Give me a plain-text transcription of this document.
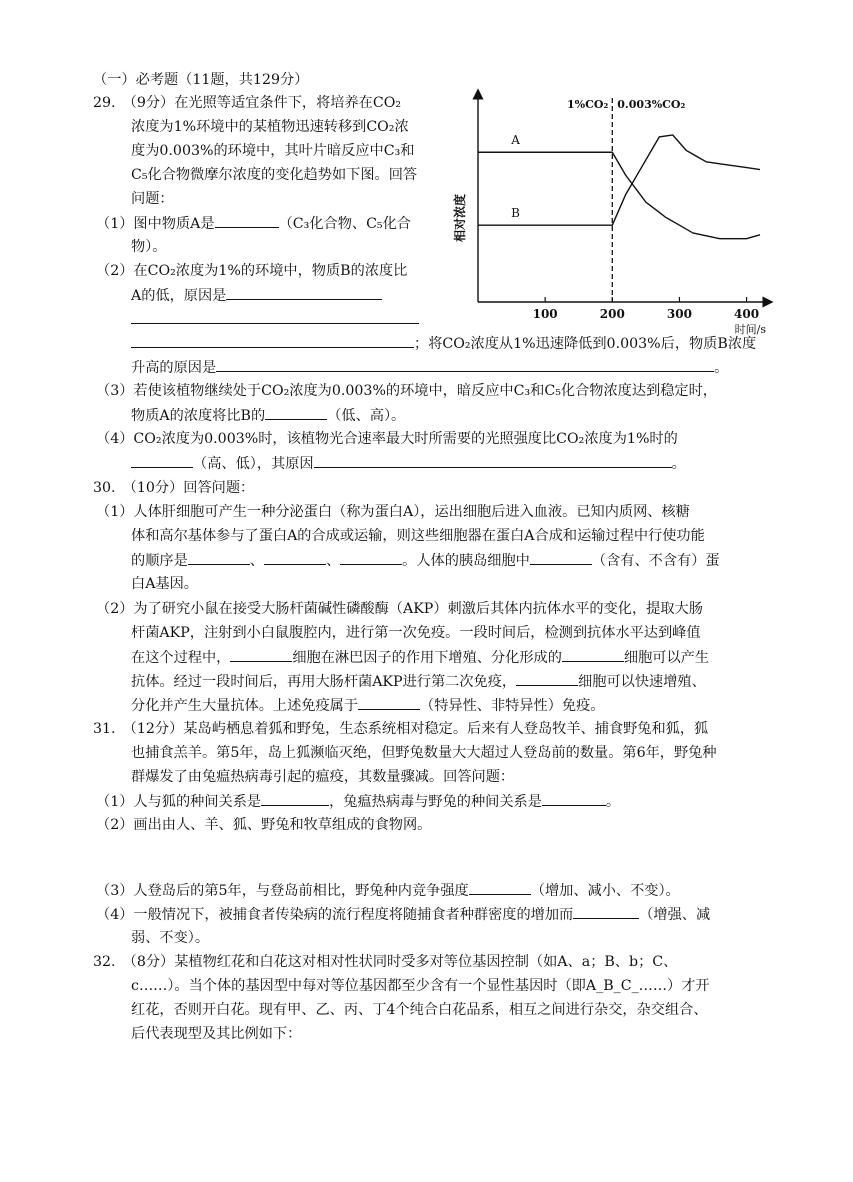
（一）必考题（11题，共129分）
29.　（9分）在光照等适宜条件下，将培养在CO₂
浓度为1%环境中的某植物迅速转移到CO₂浓
度为0.003%的环境中，其叶片暗反应中C₃和
C₅化合物微摩尔浓度的变化趋势如下图。回答
问题：
（1）图中物质A是	（C₃化合物、C₅化合
物）。
（2）在CO₂浓度为1%的环境中，物质B的浓度比
A的低，原因是
；将CO₂浓度从1%迅速降低到0.003%后，物质B浓度
升高的原因是	。
（3）若使该植物继续处于CO₂浓度为0.003%的环境中，暗反应中C₃和C₅化合物浓度达到稳定时，
物质A的浓度将比B的	（低、高）。
（4）CO₂浓度为0.003%时，该植物光合速率最大时所需要的光照强度比CO₂浓度为1%时的
（高、低），其原因	。
100	200	300	400
时间/s
相对浓度
1%CO₂ 0.003%CO₂
A
B
30.　（10分）回答问题：
（1）人体肝细胞可产生一种分泌蛋白（称为蛋白A），运出细胞后进入血液。已知内质网、核糖
体和高尔基体参与了蛋白A的合成或运输，则这些细胞器在蛋白A合成和运输过程中行使功能
的顺序是	、	、	。人体的胰岛细胞中	（含有、不含有）蛋
白A基因。
（2）为了研究小鼠在接受大肠杆菌碱性磷酸酶（AKP）刺激后其体内抗体水平的变化，提取大肠
杆菌AKP，注射到小白鼠腹腔内，进行第一次免疫。一段时间后，检测到抗体水平达到峰值
在这个过程中，	细胞在淋巴因子的作用下增殖、分化形成的	细胞可以产生
抗体。经过一段时间后，再用大肠杆菌AKP进行第二次免疫，	细胞可以快速增殖、
分化并产生大量抗体。上述免疫属于	（特异性、非特异性）免疫。
31.　（12分）某岛屿栖息着狐和野兔，生态系统相对稳定。后来有人登岛牧羊、捕食野兔和狐，狐
也捕食羔羊。第5年，岛上狐濒临灭绝，但野兔数量大大超过人登岛前的数量。第6年，野兔种
群爆发了由兔瘟热病毒引起的瘟疫，其数量骤减。回答问题：
（1）人与狐的种间关系是	，兔瘟热病毒与野兔的种间关系是	。
（2）画出由人、羊、狐、野兔和牧草组成的食物网。
（3）人登岛后的第5年，与登岛前相比，野兔种内竞争强度	（增加、减小、不变）。
（4）一般情况下，被捕食者传染病的流行程度将随捕食者种群密度的增加而	（增强、减
弱、不变）。
32.　（8分）某植物红花和白花这对相对性状同时受多对等位基因控制（如A、a；B、b；C、
c……）。当个体的基因型中每对等位基因都至少含有一个显性基因时（即A_B_C_……）才开
红花，否则开白花。现有甲、乙、丙、丁4个纯合白花品系，相互之间进行杂交，杂交组合、
后代表现型及其比例如下：
